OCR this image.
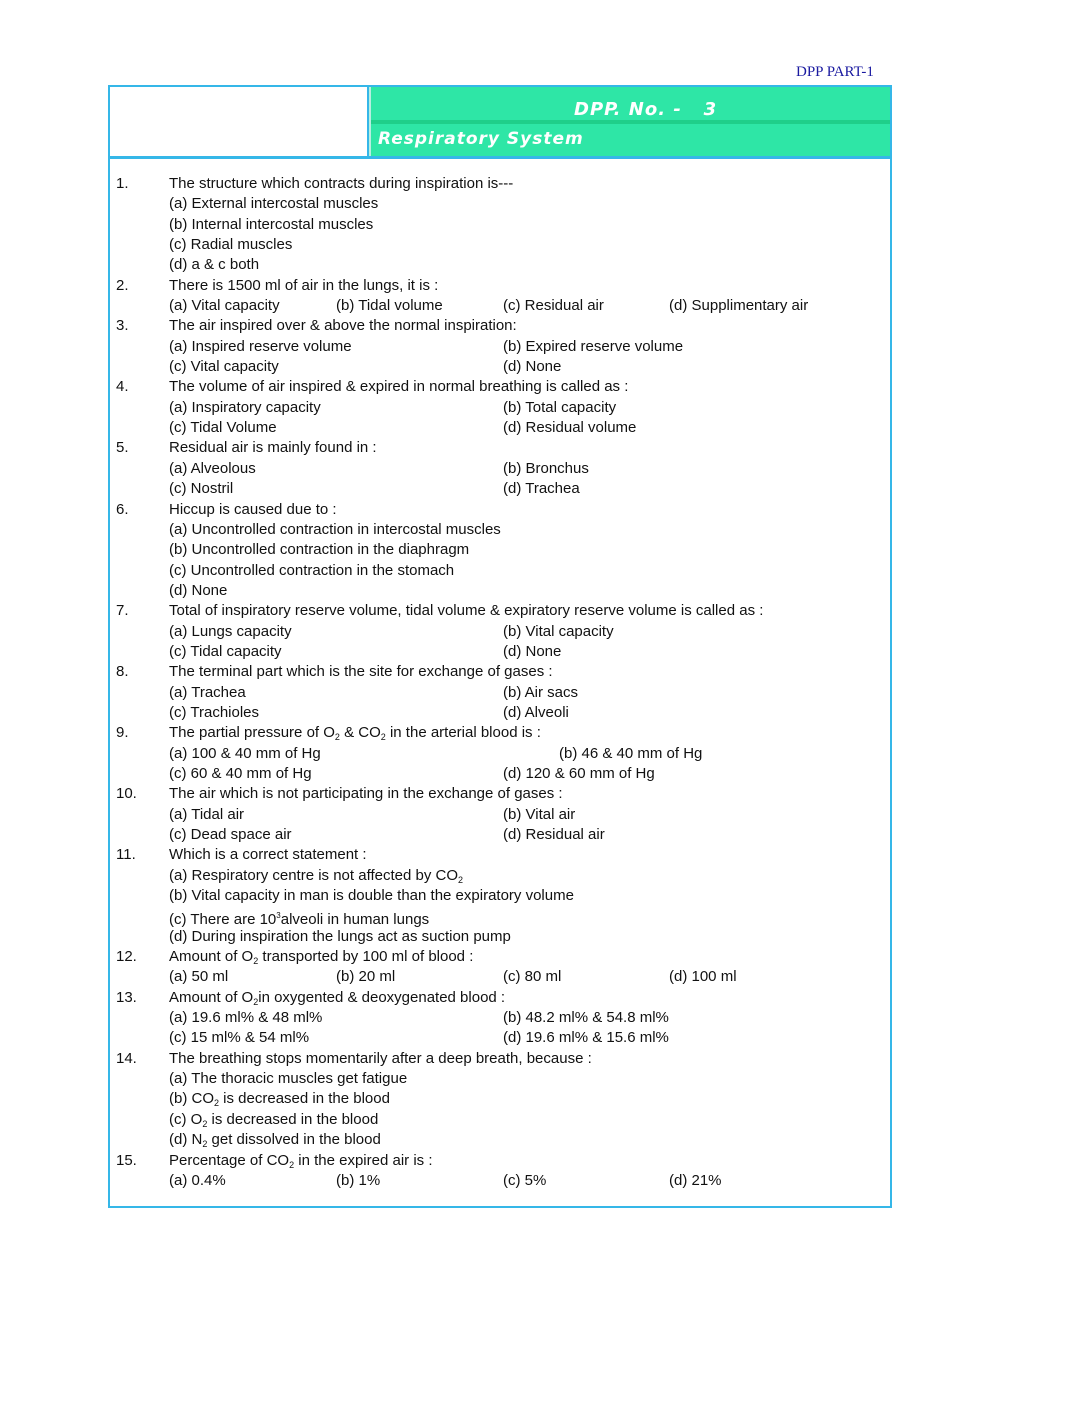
DPP PART-1
DPP. No. -   3
Respiratory System
1.	The structure which contracts during inspiration is---
(a) External intercostal muscles
(b) Internal intercostal muscles
(c) Radial muscles
(d) a & c both
2.	There is 1500 ml of air in the lungs, it is :
(a) Vital capacity	(b) Tidal volume	(c) Residual air	(d) Supplimentary air
3.	The air inspired over & above the normal inspiration:
(a) Inspired reserve volume	(b) Expired reserve volume
(c) Vital capacity	(d) None
4.	The volume of air inspired & expired in normal breathing is called as :
(a) Inspiratory capacity	(b) Total capacity
(c) Tidal Volume	(d) Residual volume
5.	Residual air is mainly found in :
(a) Alveolous	(b) Bronchus
(c) Nostril	(d) Trachea
6.	Hiccup is caused due to :
(a) Uncontrolled contraction in intercostal muscles
(b) Uncontrolled contraction in the diaphragm
(c) Uncontrolled contraction in the stomach
(d) None
7.	Total of inspiratory reserve volume, tidal volume & expiratory reserve volume is called as :
(a) Lungs capacity	(b) Vital capacity
(c) Tidal capacity	(d) None
8.	The terminal part which is the site for exchange of gases :
(a) Trachea	(b) Air sacs
(c) Trachioles	(d) Alveoli
9.	The partial pressure of $O_2$ & $CO_2$ in the arterial blood is :
(a) 100 & 40 mm of Hg	(b) 46 & 40 mm of Hg
(c) 60 & 40 mm of Hg	(d) 120 & 60 mm of Hg
10. The air which is not participating in the exchange of gases :
(a) Tidal air	(b) Vital air
(c) Dead space air	(d) Residual air
11. Which is a correct statement :
(a) Respiratory centre is not affected by $CO_2$
(b) Vital capacity in man is double than the expiratory volume
(c) There are $10^3alveoli$ in human lungs
(d) During inspiration the lungs act as suction pump
12. Amount of $O_2$ transported by 100 ml of blood :
(a) 50 ml	(b) 20 ml	(c) 80 ml	(d) 100 ml
13. Amount of $O_2in$ oxygented & deoxygenated blood :
(a) 19.6 ml% & 48 ml%	(b) 48.2 ml% & 54.8 ml%
(c) 15 ml% & 54 ml%	(d) 19.6 ml% & 15.6 ml%
14. The breathing stops momentarily after a deep breath, because :
(a) The thoracic muscles get fatigue
(b) $CO_2$ is decreased in the blood
(c) $O_2$ is decreased in the blood
(d) $N_2$ get dissolved in the blood
15. Percentage of $CO_2$ in the expired air is :
(a) 0.4%	(b) 1%	(c) 5%	(d) 21%
